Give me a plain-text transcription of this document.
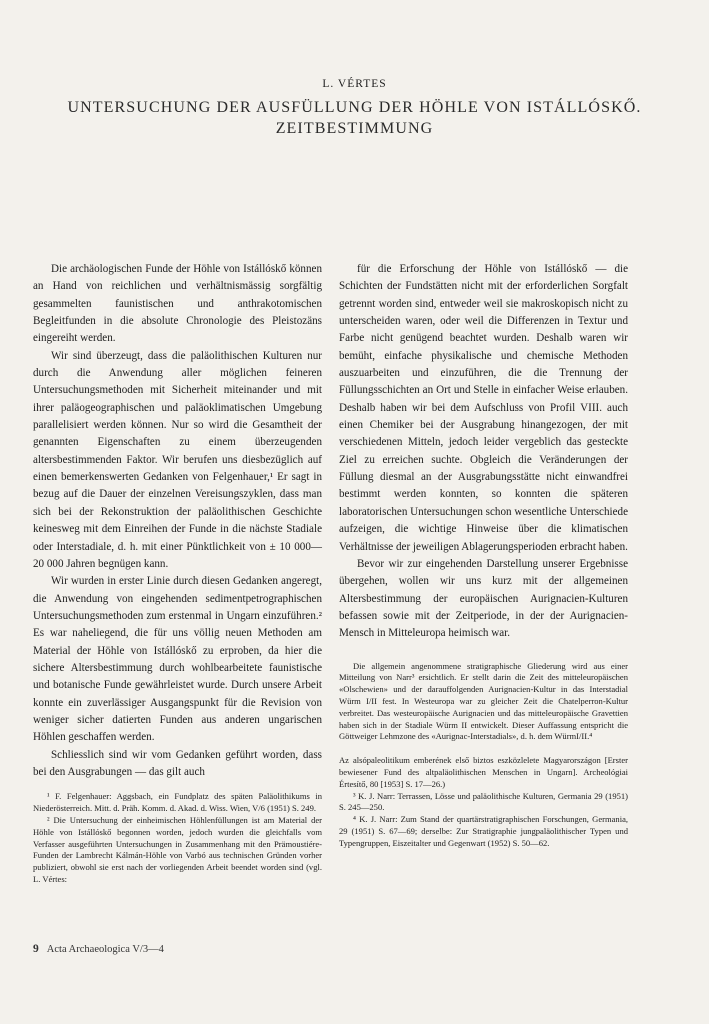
L. VÉRTES
UNTERSUCHUNG DER AUSFÜLLUNG DER HÖHLE VON ISTÁLLÓSKŐ. ZEITBESTIMMUNG

Die archäologischen Funde der Höhle von Istállóskő können an Hand von reichlichen und verhältnismässig sorgfältig gesammelten faunistischen und anthrakotomischen Begleitfunden in die absolute Chronologie des Pleistozäns eingereiht werden.

Wir sind überzeugt, dass die paläolithischen Kulturen nur durch die Anwendung aller möglichen feineren Untersuchungsmethoden mit Sicherheit miteinander und mit ihrer paläogeographischen und paläoklimatischen Umgebung parallelisiert werden können. Nur so wird die Gesamtheit der genannten Eigenschaften zu einem überzeugenden altersbestimmenden Faktor. Wir berufen uns diesbezüglich auf einen bemerkenswerten Gedanken von Felgenhauer,¹ Er sagt in bezug auf die Dauer der einzelnen Vereisungszyklen, dass man sich bei der Rekonstruktion der paläolithischen Geschichte keinesweg mit dem Einreihen der Funde in die nächste Stadiale oder Interstadiale, d. h. mit einer Pünktlichkeit von ± 10 000—20 000 Jahren begnügen kann.

Wir wurden in erster Linie durch diesen Gedanken angeregt, die Anwendung von eingehenden sedimentpetrographischen Untersuchungsmethoden zum erstenmal in Ungarn einzuführen.² Es war naheliegend, die für uns völlig neuen Methoden am Material der Höhle von Istállóskő zu erproben, da hier die sichere Altersbestimmung durch wohlbearbeitete faunistische und botanische Funde gewährleistet wurde. Durch unsere Arbeit konnte ein zuverlässiger Ausgangspunkt für die Revision von weniger sicher datierten Funden aus anderen ungarischen Höhlen geschaffen werden.

Schliesslich sind wir vom Gedanken geführt worden, dass bei den Ausgrabungen — das gilt auch

¹ F. Felgenhauer: Aggsbach, ein Fundplatz des späten Paläolithikums in Niederösterreich. Mitt. d. Präh. Komm. d. Akad. d. Wiss. Wien, V/6 (1951) S. 249.

² Die Untersuchung der einheimischen Höhlenfüllungen ist am Material der Höhle von Istállóskő begonnen worden, jedoch wurden die gleichfalls vom Verfasser ausgeführten Untersuchungen in Zusammenhang mit den Prämoustiére-Funden der Lambrecht Kálmán-Höhle von Varbó aus technischen Gründen vorher publiziert, obwohl sie erst nach der vorliegenden Arbeit beendet worden sind (vgl. L. Vértes:

für die Erforschung der Höhle von Istállóskő — die Schichten der Fundstätten nicht mit der erforderlichen Sorgfalt getrennt worden sind, entweder weil sie makroskopisch nicht zu unterscheiden waren, oder weil die Differenzen in Textur und Farbe nicht genügend beachtet wurden. Deshalb waren wir bemüht, einfache physikalische und chemische Methoden auszuarbeiten und einzuführen, die die Trennung der Füllungsschichten an Ort und Stelle in einfacher Weise erlauben. Deshalb haben wir bei dem Aufschluss von Profil VIII. auch einen Chemiker bei der Ausgrabung hinangezogen, der mit verschiedenen Mitteln, jedoch leider vergeblich das gesteckte Ziel zu erreichen suchte. Obgleich die Veränderungen der Füllung diesmal an der Ausgrabungsstätte nicht einwandfrei bestimmt werden konnten, so konnten die späteren laboratorischen Untersuchungen schon wesentliche Unterschiede aufzeigen, die wichtige Hinweise über die klimatischen Verhältnisse der jeweiligen Ablagerungsperioden erbracht haben.

Bevor wir zur eingehenden Darstellung unserer Ergebnisse übergehen, wollen wir uns kurz mit der allgemeinen Altersbestimmung der europäischen Aurignacien-Kulturen befassen sowie mit der Zeitperiode, in der der Aurignacien-Mensch in Mitteleuropa heimisch war.

Die allgemein angenommene stratigraphische Gliederung wird aus einer Mitteilung von Narr³ ersichtlich. Er stellt darin die Zeit des mitteleuropäischen «Olschewien» und der darauffolgenden Aurignacien-Kultur in das Interstadial Würm I/II fest. In Westeuropa war zu gleicher Zeit die Chatelperron-Kultur verbreitet. Das westeuropäische Aurignacien und das mitteleuropäische Gravettien haben sich in der Stadiale Würm II entwickelt. Dieser Auffassung entspricht die Göttweiger Lehmzone des «Aurignac-Interstadials», d. h. dem WürmI/II.⁴

Az alsópaleolitikum emberének első biztos eszközlelete Magyarországon [Erster bewiesener Fund des altpaläolithischen Menschen in Ungarn]. Archeológiai Értesítő, 80 [1953] S. 17—26.)

³ K. J. Narr: Terrassen, Lösse und paläolithische Kulturen, Germania 29 (1951) S. 245—250.

⁴ K. J. Narr: Zum Stand der quartärstratigraphischen Forschungen, Germania, 29 (1951) S. 67—69; derselbe: Zur Stratigraphie jungpaläolithischer Typen und Typengruppen, Eiszeitalter und Gegenwart (1952) S. 50—62.

9 Acta Archaeologica V/3—4
